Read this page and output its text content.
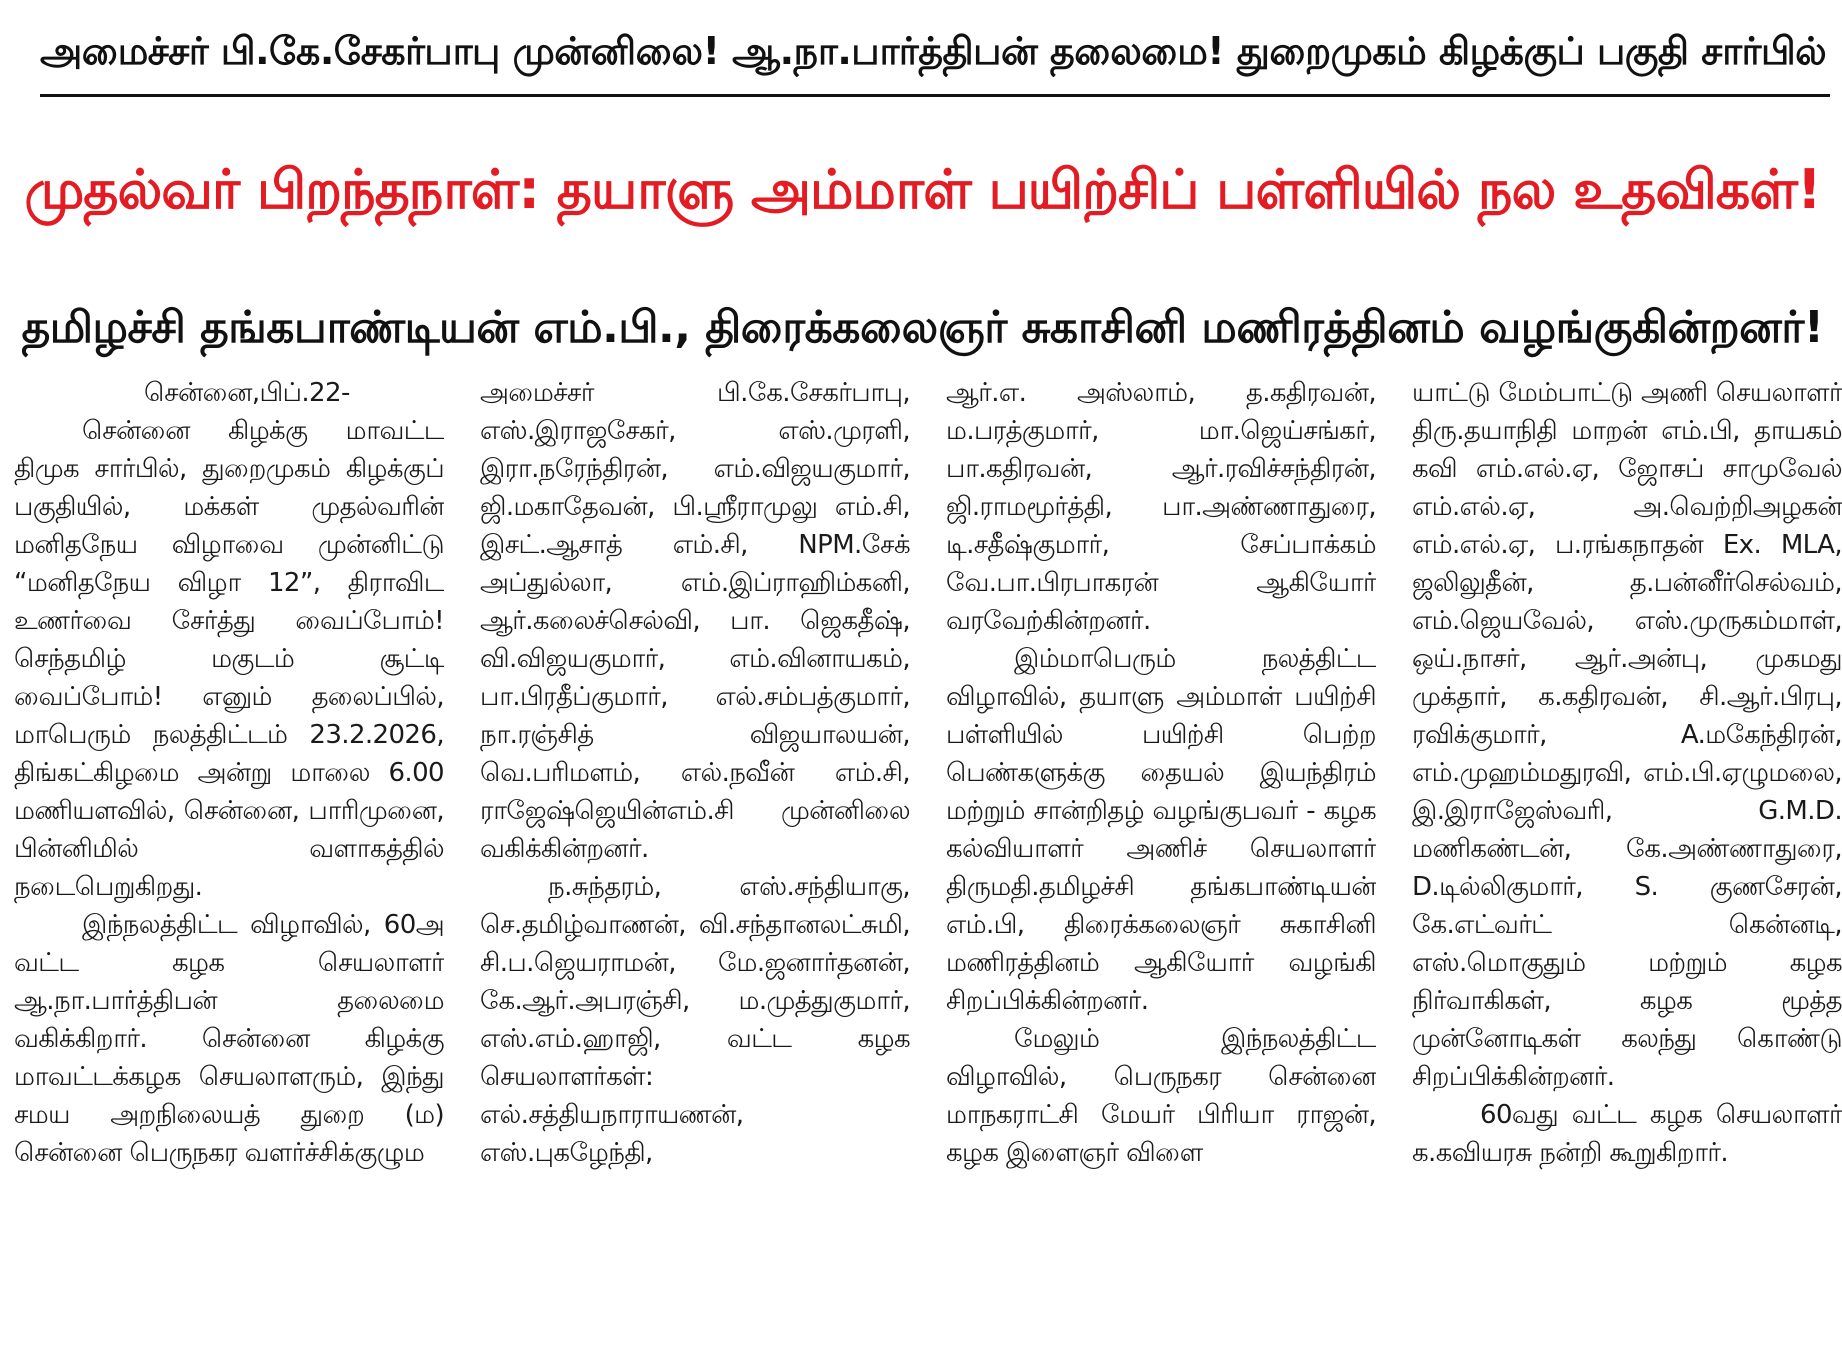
அமைச்சர் பி.கே.சேகர்பாபு முன்னிலை! ஆ.நா.பார்த்திபன் தலைமை! துறைமுகம் கிழக்குப் பகுதி சார்பில்
முதல்வர் பிறந்தநாள்: தயாளு அம்மாள் பயிற்சிப் பள்ளியில் நல உதவிகள்!
தமிழச்சி தங்கபாண்டியன் எம்.பி., திரைக்கலைஞர் சுகாசினி மணிரத்தினம் வழங்குகின்றனர்!

சென்னை,பிப்.22-

சென்னை கிழக்கு மாவட்ட திமுக சார்பில், துறைமுகம் கிழக்குப் பகுதியில், மக்கள் முதல்வரின் மனிதநேய விழாவை முன்னிட்டு “மனிதநேய விழா 12”, திராவிட உணர்வை சேர்த்து வைப்போம்! செந்தமிழ் மகுடம் சூட்டி வைப்போம்! எனும் தலைப்பில், மாபெரும் நலத்திட்டம் 23.2.2026, திங்கட்கிழமை அன்று மாலை 6.00 மணியளவில், சென்னை, பாரிமுனை, பின்னிமில் வளாகத்தில் நடைபெறுகிறது.

இந்நலத்திட்ட விழாவில், 60அ வட்ட கழக செயலாளர் ஆ.நா.பார்த்திபன் தலைமை வகிக்கிறார். சென்னை கிழக்கு மாவட்டக்கழக செயலாளரும், இந்து சமய அறநிலையத் துறை (ம) சென்னை பெருநகர வளர்ச்சிக்குழும

அமைச்சர் பி.கே.சேகர்பாபு, எஸ்.இராஜசேகர், எஸ்.முரளி, இரா.நரேந்திரன், எம்.விஜயகுமார், ஜி.மகாதேவன், பி.ஸ்ரீராமுலு எம்.சி, இசட்.ஆசாத் எம்.சி, NPM.சேக் அப்துல்லா, எம்.இப்ராஹிம்கனி, ஆர்.கலைச்செல்வி, பா. ஜெகதீஷ், வி.விஜயகுமார், எம்.வினாயகம், பா.பிரதீப்குமார், எல்.சம்பத்குமார், நா.ரஞ்சித் விஜயாலயன், வெ.பரிமளம், எல்.நவீன் எம்.சி, ராஜேஷ்ஜெயின்எம்.சி முன்னிலை வகிக்கின்றனர்.

ந.சுந்தரம், எஸ்.சந்தியாகு, செ.தமிழ்வாணன், வி.சந்தானலட்சுமி, சி.ப.ஜெயராமன், மே.ஜனார்தனன், கே.ஆர்.அபரஞ்சி, ம.முத்துகுமார், எஸ்.எம்.ஹாஜி, வட்ட கழக செயலாளர்கள்: எல்.சத்தியநாராயணன், எஸ்.புகழேந்தி,

ஆர்.எ. அஸ்லாம், த.கதிரவன், ம.பரத்குமார், மா.ஜெய்சங்கர், பா.கதிரவன், ஆர்.ரவிச்சந்திரன், ஜி.ராமமூர்த்தி, பா.அண்ணாதுரை, டி.சதீஷ்குமார், சேப்பாக்கம் வே.பா.பிரபாகரன் ஆகியோர் வரவேற்கின்றனர்.

இம்மாபெரும் நலத்திட்ட விழாவில், தயாளு அம்மாள் பயிற்சி பள்ளியில் பயிற்சி பெற்ற பெண்களுக்கு தையல் இயந்திரம் மற்றும் சான்றிதழ் வழங்குபவர் - கழக கல்வியாளர் அணிச் செயலாளர் திருமதி.தமிழச்சி தங்கபாண்டியன் எம்.பி, திரைக்கலைஞர் சுகாசினி மணிரத்தினம் ஆகியோர் வழங்கி சிறப்பிக்கின்றனர்.

மேலும் இந்நலத்திட்ட விழாவில், பெருநகர சென்னை மாநகராட்சி மேயர் பிரியா ராஜன், கழக இளைஞர் விளை

யாட்டு மேம்பாட்டு அணி செயலாளர் திரு.தயாநிதி மாறன் எம்.பி, தாயகம் கவி எம்.எல்.ஏ, ஜோசப் சாமுவேல் எம்.எல்.ஏ, அ.வெற்றிஅழகன் எம்.எல்.ஏ, ப.ரங்கநாதன் Ex. MLA, ஜலிலுதீன், த.பன்னீர்செல்வம், எம்.ஜெயவேல், எஸ்.முருகம்மாள், ஒய்.நாசர், ஆர்.அன்பு, முகமது முக்தார், க.கதிரவன், சி.ஆர்.பிரபு, ரவிக்குமார், A.மகேந்திரன், எம்.முஹம்மதுரவி, எம்.பி.ஏழுமலை, இ.இராஜேஸ்வரி, G.M.D. மணிகண்டன், கே.அண்ணாதுரை, D.டில்லிகுமார், S. குணசேரன், கே.எட்வர்ட் கென்னடி, எஸ்.மொகுதும் மற்றும் கழக நிர்வாகிகள், கழக மூத்த முன்னோடிகள் கலந்து கொண்டு சிறப்பிக்கின்றனர்.

60வது வட்ட கழக செயலாளர் க.கவியரசு நன்றி கூறுகிறார்.
